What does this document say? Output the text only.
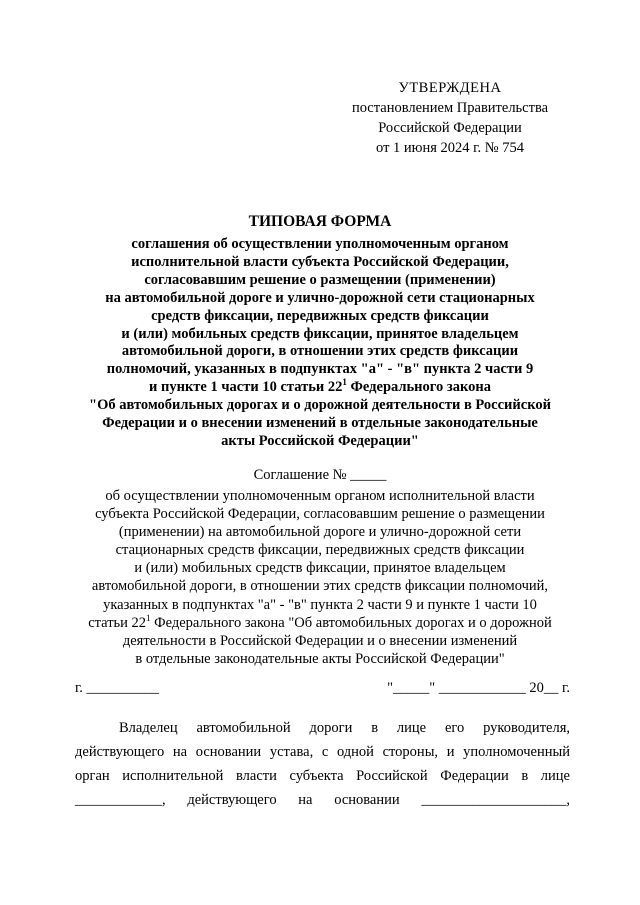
УТВЕРЖДЕНА
постановлением Правительства
Российской Федерации
от 1 июня 2024 г. № 754
ТИПОВАЯ ФОРМА
соглашения об осуществлении уполномоченным органом
исполнительной власти субъекта Российской Федерации,
согласовавшим решение о размещении (применении)
на автомобильной дороге и улично-дорожной сети стационарных
средств фиксации, передвижных средств фиксации
и (или) мобильных средств фиксации, принятое владельцем
автомобильной дороги, в отношении этих средств фиксации
полномочий, указанных в подпунктах "а" - "в" пункта 2 части 9
и пункте 1 части 10 статьи $22^1$ Федерального закона
"Об автомобильных дорогах и о дорожной деятельности в Российской
Федерации и о внесении изменений в отдельные законодательные
акты Российской Федерации"
Соглашение № _____
об осуществлении уполномоченным органом исполнительной власти
субъекта Российской Федерации, согласовавшим решение о размещении
(применении) на автомобильной дороге и улично-дорожной сети
стационарных средств фиксации, передвижных средств фиксации
и (или) мобильных средств фиксации, принятое владельцем
автомобильной дороги, в отношении этих средств фиксации полномочий,
указанных в подпунктах "а" - "в" пункта 2 части 9 и пункте 1 части 10
статьи $22^1$ Федерального закона "Об автомобильных дорогах и о дорожной
деятельности в Российской Федерации и о внесении изменений
в отдельные законодательные акты Российской Федерации"
г. __________	"_____" ____________ 20__ г.
Владелец автомобильной дороги в лице его руководителя,
действующего на основании устава, с одной стороны, и уполномоченный
орган исполнительной власти субъекта Российской Федерации в лице
____________, действующего на основании ____________________,
